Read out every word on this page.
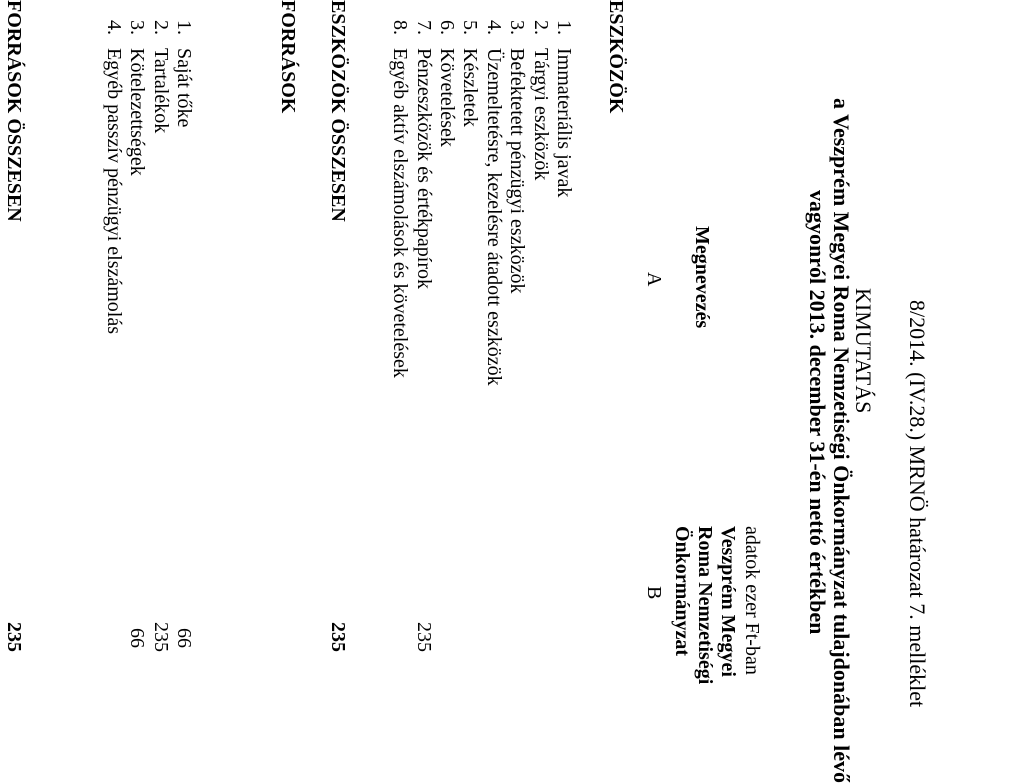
8/2014. (IV.28.) MRNÖ határozat 7. melléklet
KIMUTATÁS
a Veszprém Megyei Roma Nemzetiségi Önkormányzat tulajdonában lévő
vagyonról 2013. december 31-én nettó értékben
adatok ezer Ft-ban
Megnevezés
Veszprém Megyei
Roma Nemzetiségi
Önkormányzat
A
B
ESZKÖZÖK
1.
Immateriális javak
2.
Tárgyi eszközök
3.
Befektetett pénzügyi eszközök
4.
Üzemeltetésre, kezelésre átadott eszközök
5.
Készletek
6.
Követelések
7.
Pénzeszközök és értékpapírok
235
8.
Egyéb aktív elszámolások és követelések
ESZKÖZÖK ÖSSZESEN
235
FORRÁSOK
1.
Saját tőke
66
2.
Tartalékok
235
3.
Kötelezettségek
66
4.
Egyéb passzív pénzügyi elszámolás
FORRÁSOK ÖSSZESEN
235
